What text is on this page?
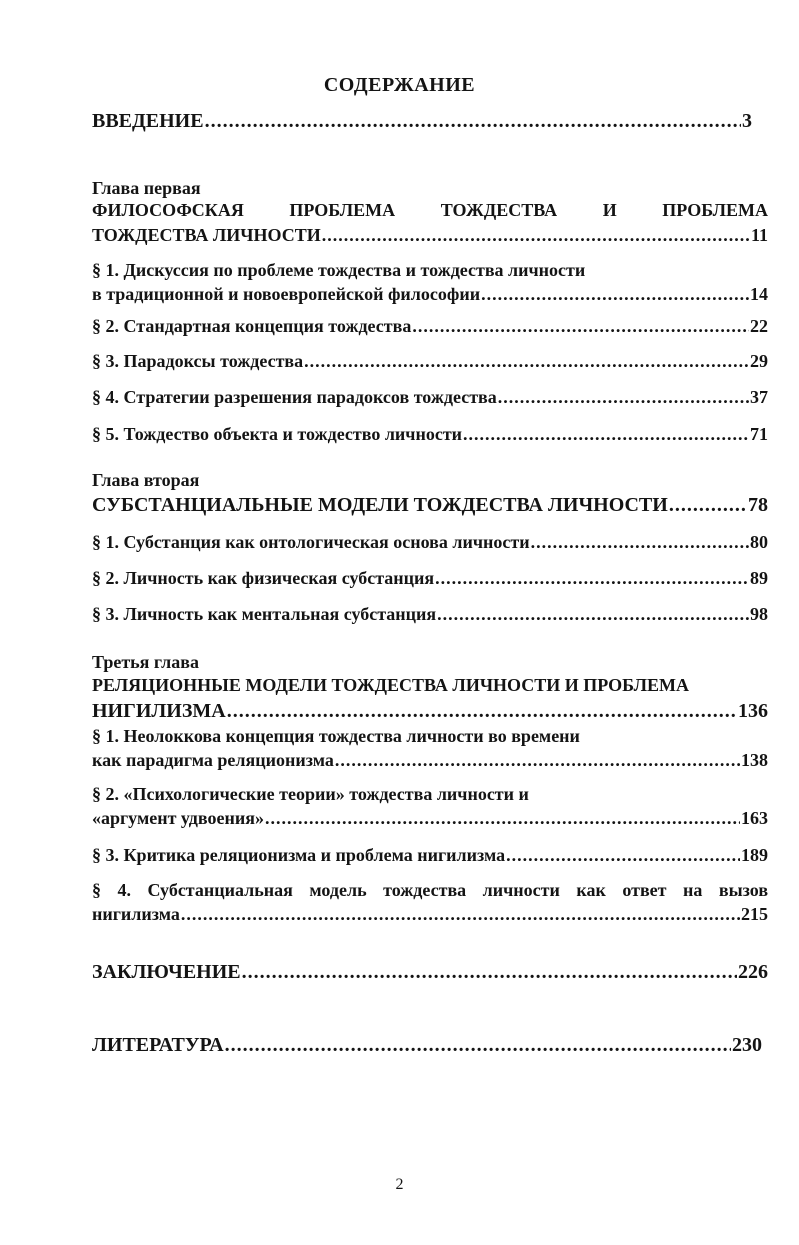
СОДЕРЖАНИЕ
ВВЕДЕНИЕ .....	3
Глава первая
ФИЛОСОФСКАЯ	ПРОБЛЕМА	ТОЖДЕСТВА	И	ПРОБЛЕМА
ТОЖДЕСТВА ЛИЧНОСТИ .....	11
§ 1. Дискуссия по проблеме тождества и тождества личности
в традиционной и новоевропейской философии .....	14
§ 2. Стандартная концепция тождества .....	22
§ 3. Парадоксы тождества .....	29
§ 4. Стратегии разрешения парадоксов тождества .....	37
§ 5. Тождество объекта и тождество личности .....	71
Глава вторая
СУБСТАНЦИАЛЬНЫЕ МОДЕЛИ ТОЖДЕСТВА ЛИЧНОСТИ .....	78
§ 1. Субстанция как онтологическая основа личности .....	80
§ 2. Личность как физическая субстанция .....	89
§ 3. Личность как ментальная субстанция .....	98
Третья глава
РЕЛЯЦИОННЫЕ МОДЕЛИ ТОЖДЕСТВА ЛИЧНОСТИ И ПРОБЛЕМА
НИГИЛИЗМА .....	136
§ 1. Неолоккова концепция тождества личности во времени
как парадигма реляционизма .....	138
§ 2. «Психологические теории» тождества личности и
«аргумент удвоения» .....	163
§ 3. Критика реляционизма и проблема нигилизма .....	189
§ 4. Субстанциальная модель тождества личности как ответ на вызов
нигилизма .....	215
ЗАКЛЮЧЕНИЕ .....	226
ЛИТЕРАТУРА .....	230
2
